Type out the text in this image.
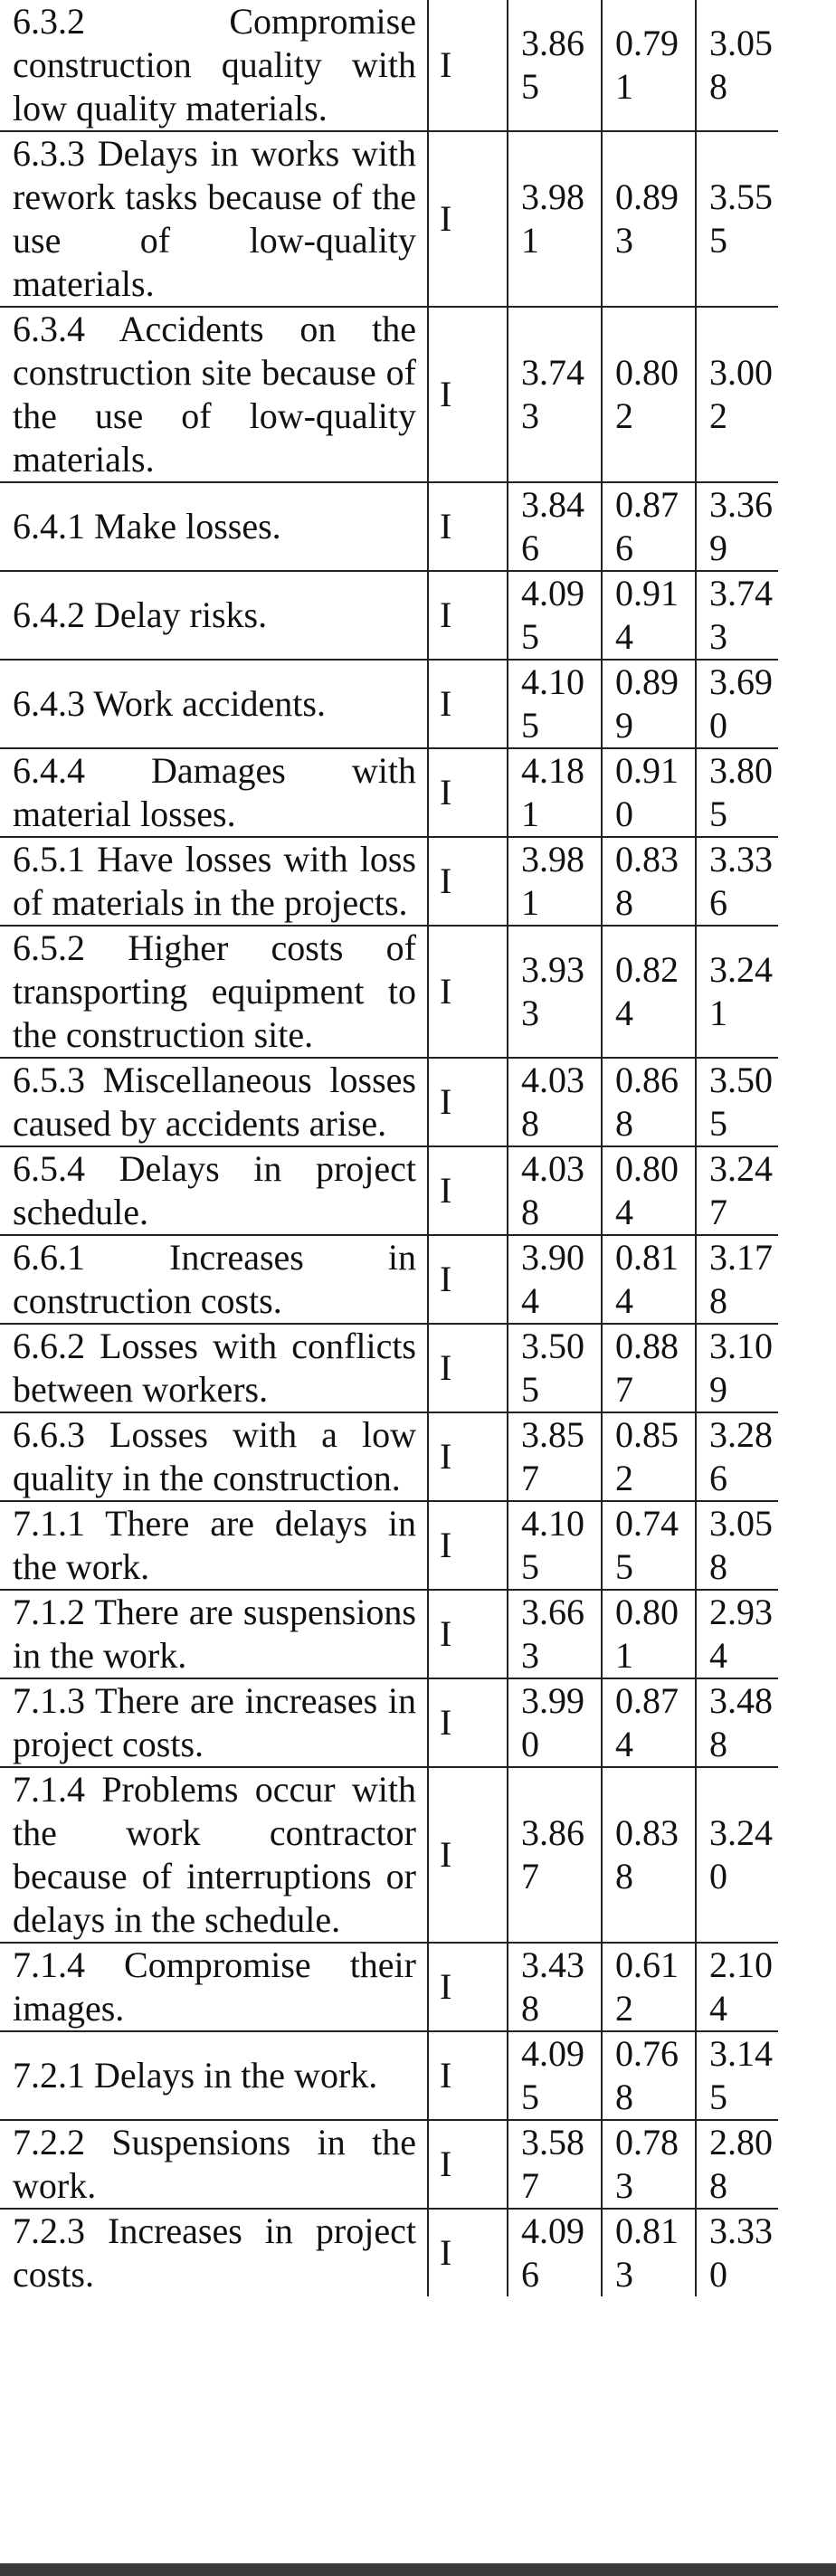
6.3.2 Compromise construction quality with low quality materials.	I	3.865	0.791	3.058
6.3.3 Delays in works with rework tasks because of the use of low-quality materials.	I	3.981	0.893	3.555
6.3.4 Accidents on the construction site because of the use of low-quality materials.	I	3.743	0.802	3.002
6.4.1 Make losses.	I	3.846	0.876	3.369
6.4.2 Delay risks.	I	4.095	0.914	3.743
6.4.3 Work accidents.	I	4.105	0.899	3.690
6.4.4 Damages with material losses.	I	4.181	0.910	3.805
6.5.1 Have losses with loss of materials in the projects.	I	3.981	0.838	3.336
6.5.2 Higher costs of transporting equipment to the construction site.	I	3.933	0.824	3.241
6.5.3 Miscellaneous losses caused by accidents arise.	I	4.038	0.868	3.505
6.5.4 Delays in project schedule.	I	4.038	0.804	3.247
6.6.1 Increases in construction costs.	I	3.904	0.814	3.178
6.6.2 Losses with conflicts between workers.	I	3.505	0.887	3.109
6.6.3 Losses with a low quality in the construction.	I	3.857	0.852	3.286
7.1.1 There are delays in the work.	I	4.105	0.745	3.058
7.1.2 There are suspensions in the work.	I	3.663	0.801	2.934
7.1.3 There are increases in project costs.	I	3.990	0.874	3.488
7.1.4 Problems occur with the work contractor because of interruptions or delays in the schedule.	I	3.867	0.838	3.240
7.1.4 Compromise their images.	I	3.438	0.612	2.104
7.2.1 Delays in the work.	I	4.095	0.768	3.145
7.2.2 Suspensions in the work.	I	3.587	0.783	2.808
7.2.3 Increases in project costs.	I	4.096	0.813	3.330
